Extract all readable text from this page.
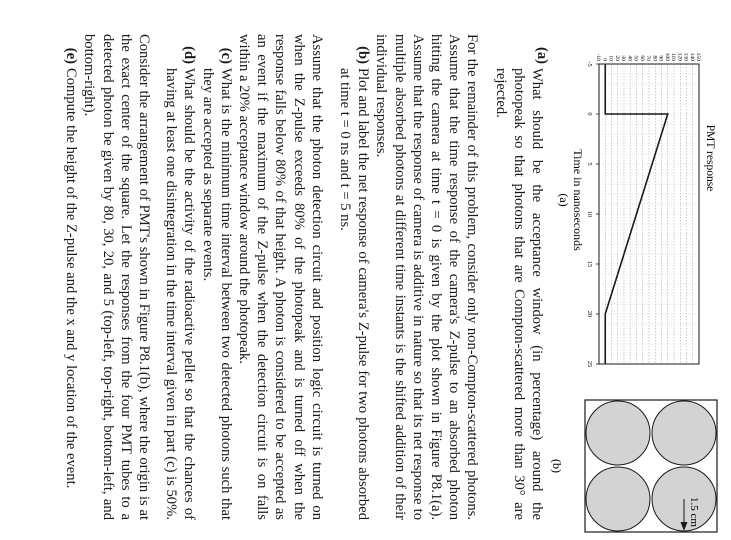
PMT response
150
140
130
120
110
100
90
80
70
60
50
40
30
20
10
0
-10
-5
0
5
10
15
20
25
Time in nanoseconds
(a)
1.5 cm
(b)
(a)
What should be the acceptance window (in percentage) around the photopeak so that photons that are Compton-scattered more than 30° are rejected.

For the remainder of this problem, consider only non-Compton-scattered photons. Assume that the time response of the camera's Z-pulse to an absorbed photon hitting the camera at time t = 0 is given by the plot shown in Figure P8.1(a). Assume that the response of camera is additive in nature so that its net response to multiple absorbed photons at different time instants is the shifted addition of their individual responses.

(b)
Plot and label the net response of camera's Z-pulse for two photons absorbed at time t = 0 ns and t = 5 ns.

Assume that the photon detection circuit and position logic circuit is turned on when the Z-pulse exceeds 80% of the photopeak and is turned off when the response falls below 80% of that height. A photon is considered to be accepted as an event if the maximum of the Z-pulse when the detection circuit is on falls within a 20% acceptance window around the photopeak.

(c)
What is the minimum time interval between two detected photons such that they are accepted as separate events.
(d)
What should be the activity of the radioactive pellet so that the chances of having at least one disintegration in the time interval given in part (c) is 50%.

Consider the arrangement of PMT's shown in Figure P8.1(b), where the origin is at the exact center of the square. Let the responses from the four PMT tubes to a detected photon be given by 80, 30, 20, and 5 (top-left, top-right, bottom-left, and bottom-right).

(e)
Compute the height of the Z-pulse and the x and y location of the event.
